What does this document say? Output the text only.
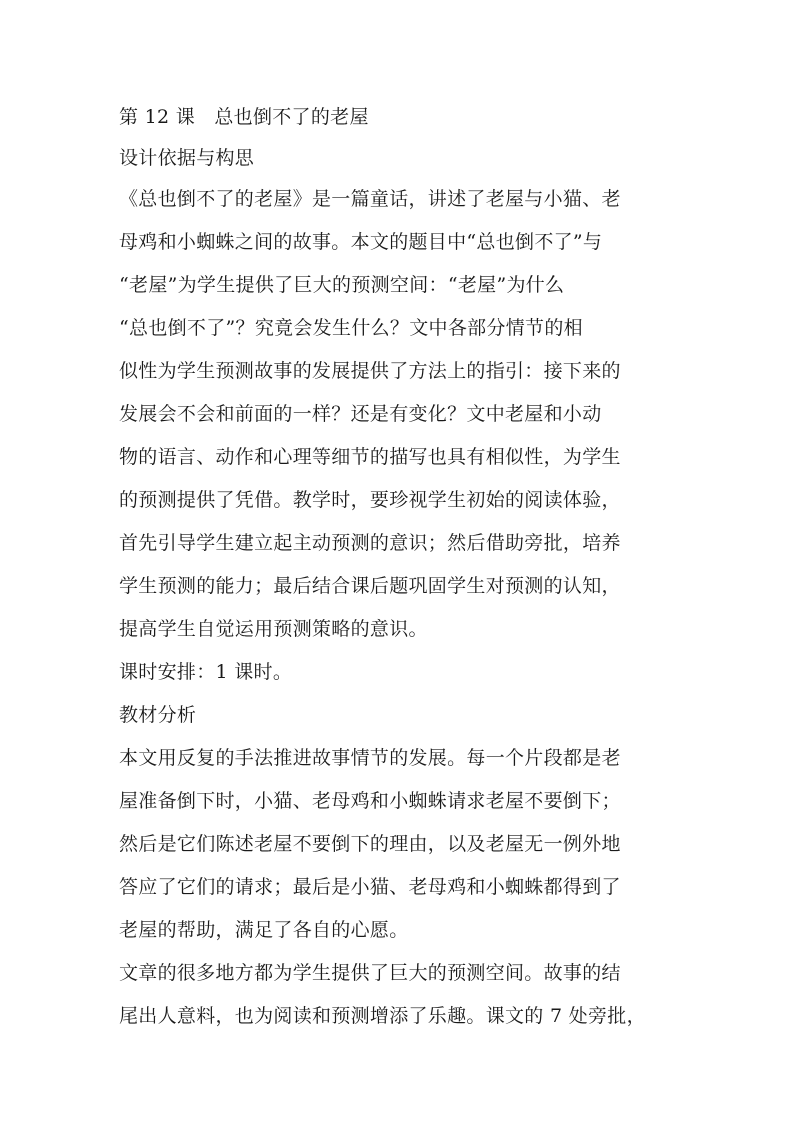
第 12 课　总也倒不了的老屋
设计依据与构思
《总也倒不了的老屋》是一篇童话，讲述了老屋与小猫、老
母鸡和小蜘蛛之间的故事。本文的题目中“总也倒不了”与
“老屋”为学生提供了巨大的预测空间：“老屋”为什么
“总也倒不了”？究竟会发生什么？文中各部分情节的相
似性为学生预测故事的发展提供了方法上的指引：接下来的
发展会不会和前面的一样？还是有变化？文中老屋和小动
物的语言、动作和心理等细节的描写也具有相似性，为学生
的预测提供了凭借。教学时，要珍视学生初始的阅读体验，
首先引导学生建立起主动预测的意识；然后借助旁批，培养
学生预测的能力；最后结合课后题巩固学生对预测的认知，
提高学生自觉运用预测策略的意识。
课时安排：1 课时。
教材分析
本文用反复的手法推进故事情节的发展。每一个片段都是老
屋准备倒下时，小猫、老母鸡和小蜘蛛请求老屋不要倒下；
然后是它们陈述老屋不要倒下的理由，以及老屋无一例外地
答应了它们的请求；最后是小猫、老母鸡和小蜘蛛都得到了
老屋的帮助，满足了各自的心愿。
文章的很多地方都为学生提供了巨大的预测空间。故事的结
尾出人意料，也为阅读和预测增添了乐趣。课文的 7 处旁批，
